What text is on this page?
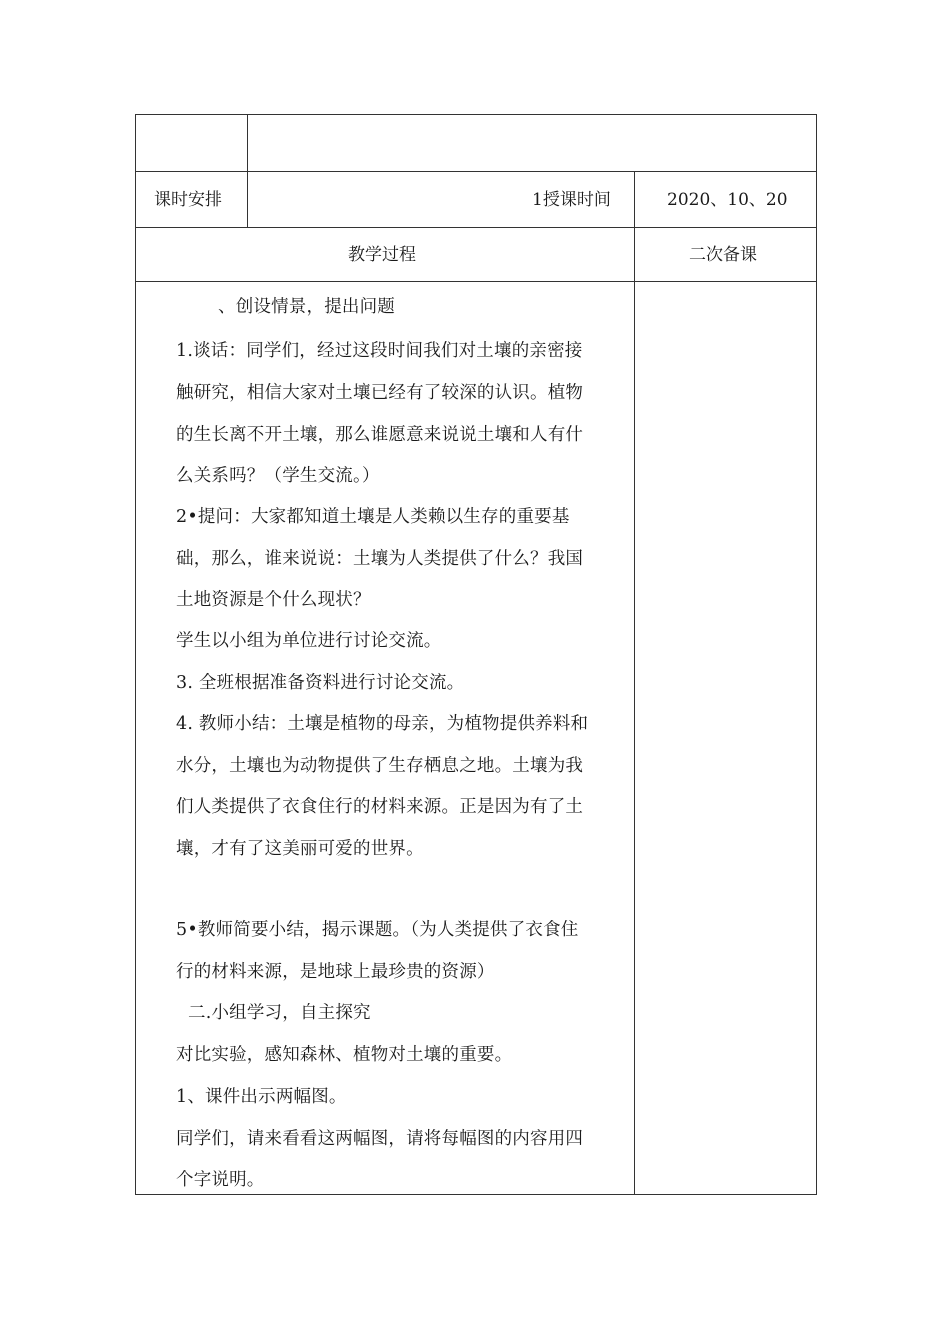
课时安排	1授课时间	2020、10、20
教学过程	二次备课
、创设情景，提出问题
1.谈话：同学们，经过这段时间我们对土壤的亲密接
触研究，相信大家对土壤已经有了较深的认识。植物
的生长离不开土壤，那么谁愿意来说说土壤和人有什
么关系吗？（学生交流。）
2•提问：大家都知道土壤是人类赖以生存的重要基
础，那么，谁来说说：土壤为人类提供了什么？我国
土地资源是个什么现状？
学生以小组为单位进行讨论交流。
3. 全班根据准备资料进行讨论交流。
4. 教师小结：土壤是植物的母亲，为植物提供养料和
水分，土壤也为动物提供了生存栖息之地。土壤为我
们人类提供了衣食住行的材料来源。正是因为有了土
壤，才有了这美丽可爱的世界。
5•教师简要小结，揭示课题。（为人类提供了衣食住
行的材料来源，是地球上最珍贵的资源）
二.小组学习，自主探究
对比实验，感知森林、植物对土壤的重要。
1、课件出示两幅图。
同学们，请来看看这两幅图，请将每幅图的内容用四
个字说明。
